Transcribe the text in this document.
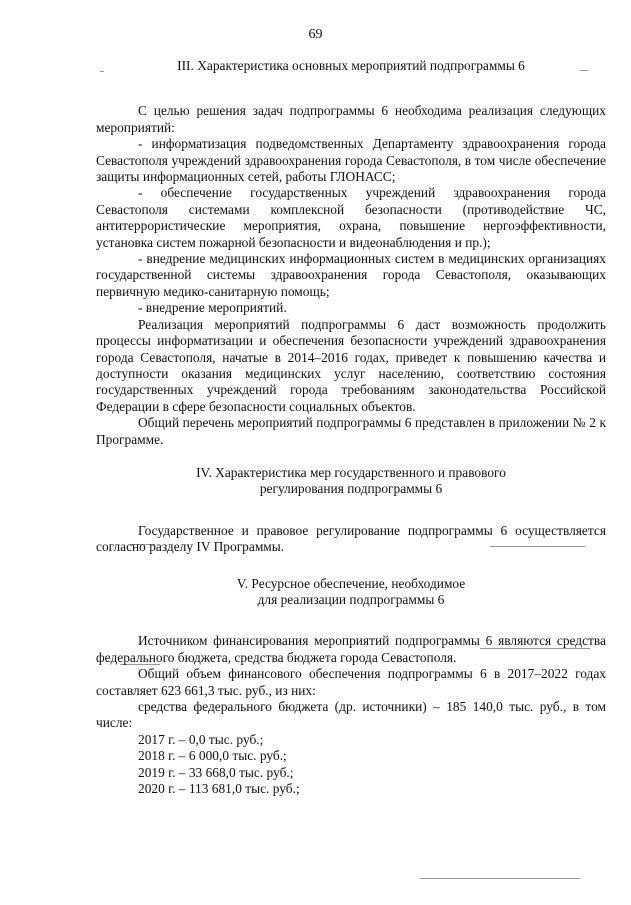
69
III. Характеристика основных мероприятий подпрограммы 6

С целью решения задач подпрограммы 6 необходима реализация следующих мероприятий:

- информатизация подведомственных Департаменту здравоохранения города Севастополя учреждений здравоохранения города Севастополя, в том числе обеспечение защиты информационных сетей, работы ГЛОНАСС;

- обеспечение государственных учреждений здравоохранения города Севастополя системами комплексной безопасности (противодействие ЧС, антитеррористические мероприятия, охрана, повышение нергоэффективности, установка систем пожарной безопасности и видеонаблюдения и пр.);

- внедрение медицинских информационных систем в медицинских организациях государственной системы здравоохранения города Севастополя, оказывающих первичную медико-санитарную помощь;

- внедрение мероприятий.

Реализация мероприятий подпрограммы 6 даст возможность продолжить процессы информатизации и обеспечения безопасности учреждений здравоохранения города Севастополя, начатые в 2014–2016 годах, приведет к повышению качества и доступности оказания медицинских услуг населению, соответствию состояния государственных учреждений города требованиям законодательства Российской Федерации в сфере безопасности социальных объектов.

Общий перечень мероприятий подпрограммы 6 представлен в приложении № 2 к Программе.

IV. Характеристика мер государственного и правового
регулирования подпрограммы 6

Государственное и правовое регулирование подпрограммы 6 осуществляется согласно разделу IV Программы.

V. Ресурсное обеспечение, необходимое
для реализации подпрограммы 6

Источником финансирования мероприятий подпрограммы 6 являются средства федерального бюджета, средства бюджета города Севастополя.

Общий объем финансового обеспечения подпрограммы 6 в 2017–2022 годах составляет 623 661,3 тыс. руб., из них:

средства федерального бюджета (др. источники) – 185 140,0 тыс. руб., в том числе:

2017 г. – 0,0 тыс. руб.;
2018 г. – 6 000,0 тыс. руб.;
2019 г. – 33 668,0 тыс. руб.;
2020 г. – 113 681,0 тыс. руб.;
